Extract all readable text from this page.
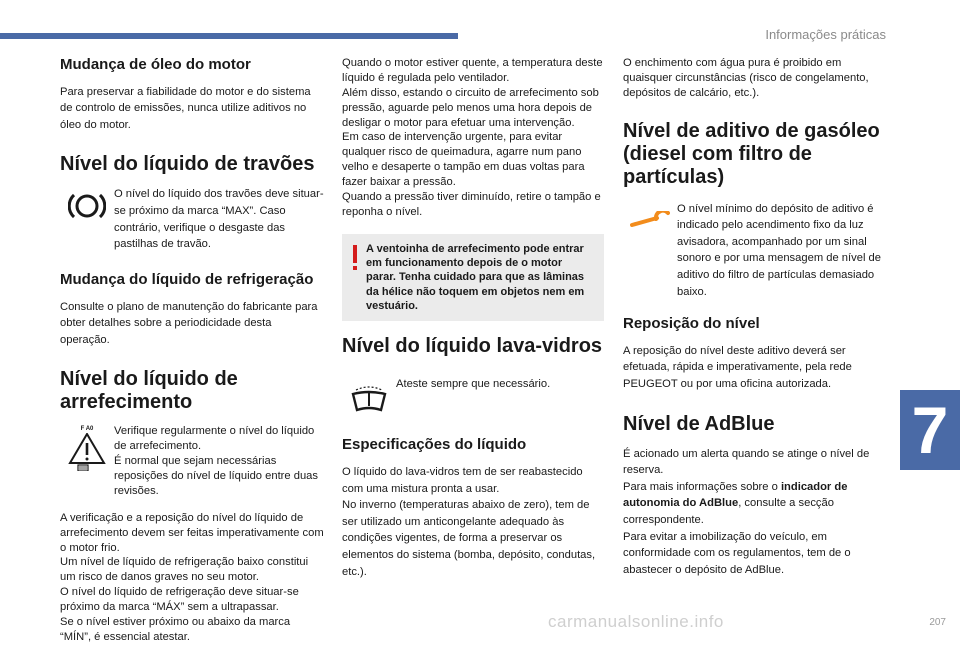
Informações práticas
7
207
carmanualsonline.info
Mudança de óleo do motor

Para preservar a fiabilidade do motor e do sistema de controlo de emissões, nunca utilize aditivos no óleo do motor.

Nível do líquido de travões

O nível do líquido dos travões deve situar-se próximo da marca “MAX”. Caso contrário, verifique o desgaste das pastilhas de travão.

Mudança do líquido de refrigeração

Consulte o plano de manutenção do fabricante para obter detalhes sobre a periodicidade desta operação.

Nível do líquido de arrefecimento
F A0 Verifique regularmente o nível do líquido de arrefecimento.
É normal que sejam necessárias reposições do nível de líquido entre duas revisões.

A verificação e a reposição do nível do líquido de arrefecimento devem ser feitas imperativamente com o motor frio.
Um nível de líquido de refrigeração baixo constitui um risco de danos graves no seu motor.
O nível do líquido de refrigeração deve situar-se próximo da marca “MÁX” sem a ultrapassar.
Se o nível estiver próximo ou abaixo da marca “MÍN”, é essencial atestar.

Quando o motor estiver quente, a temperatura deste líquido é regulada pelo ventilador.
Além disso, estando o circuito de arrefecimento sob pressão, aguarde pelo menos uma hora depois de desligar o motor para efetuar uma intervenção.
Em caso de intervenção urgente, para evitar qualquer risco de queimadura, agarre num pano velho e desaperte o tampão em duas voltas para fazer baixar a pressão.
Quando a pressão tiver diminuído, retire o tampão e reponha o nível.

A ventoinha de arrefecimento pode entrar em funcionamento depois de o motor parar. Tenha cuidado para que as lâminas da hélice não toquem em objetos nem em vestuário.

Nível do líquido lava-vidros

Ateste sempre que necessário.

Especificações do líquido

O líquido do lava-vidros tem de ser reabastecido com uma mistura pronta a usar.
No inverno (temperaturas abaixo de zero), tem de ser utilizado um anticongelante adequado às condições vigentes, de forma a preservar os elementos do sistema (bomba, depósito, condutas, etc.).

O enchimento com água pura é proibido em quaisquer circunstâncias (risco de congelamento, depósitos de calcário, etc.).

Nível de aditivo de gasóleo (diesel com filtro de partículas)

O nível mínimo do depósito de aditivo é indicado pelo acendimento fixo da luz avisadora, acompanhado por um sinal sonoro e por uma mensagem de nível de aditivo do filtro de partículas demasiado baixo.

Reposição do nível

A reposição do nível deste aditivo deverá ser efetuada, rápida e imperativamente, pela rede PEUGEOT ou por uma oficina autorizada.

Nível de AdBlue

É acionado um alerta quando se atinge o nível de reserva.
Para mais informações sobre o indicador de autonomia do AdBlue, consulte a secção correspondente.
Para evitar a imobilização do veículo, em conformidade com os regulamentos, tem de o abastecer o depósito de AdBlue.
